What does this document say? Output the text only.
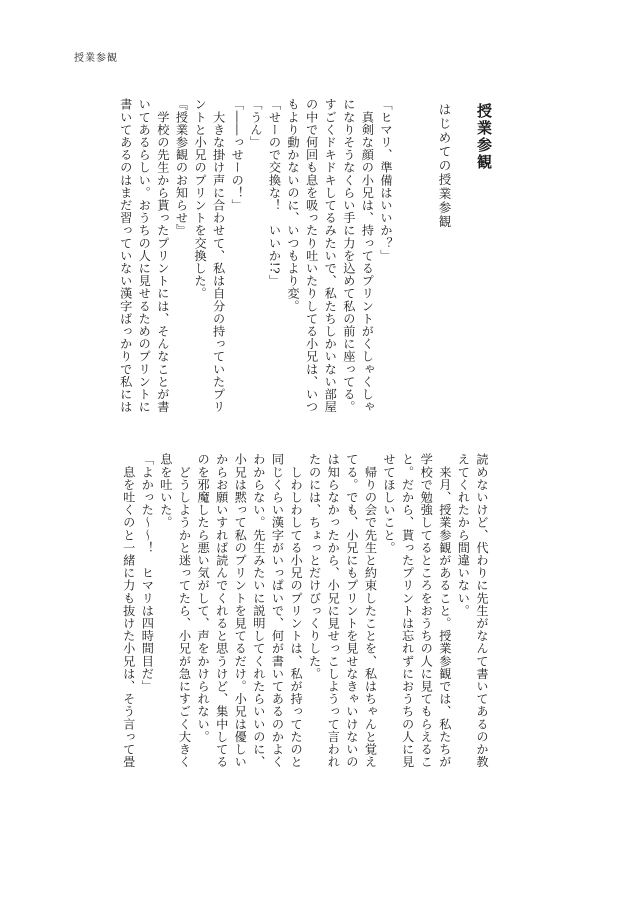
授業参観
授業参観
はじめての授業参観
「ヒマリ、準備はいいか？」
　真剣な顔の小兄は、持ってるプリントがくしゃくしゃ
になりそうなくらい手に力を込めて私の前に座ってる。
すごくドキドキしてるみたいで、私たちしかいない部屋
の中で何回も息を吸ったり吐いたりしてる小兄は、いつ
もより動かないのに、いつもより変。
「せーので交換な！　いいか!?」
「うん」
「――っせーの！」
　大きな掛け声に合わせて、私は自分の持っていたプリ
ントと小兄のプリントを交換した。
『授業参観のお知らせ』
　学校の先生から貰ったプリントには、そんなことが書
いてあるらしい。おうちの人に見せるためのプリントに
書いてあるのはまだ習っていない漢字ばっかりで私には
読めないけど、代わりに先生がなんて書いてあるのか教
えてくれたから間違いない。
　来月、授業参観があること。授業参観では、私たちが
学校で勉強してるところをおうちの人に見てもらえるこ
と。だから、貰ったプリントは忘れずにおうちの人に見
せてほしいこと。
　帰りの会で先生と約束したことを、私はちゃんと覚え
てる。でも、小兄にもプリントを見せなきゃいけないの
は知らなかったから、小兄に見せっこしようって言われ
たのには、ちょっとだけびっくりした。
　しわしわしてる小兄のプリントは、私が持ってたのと
同じくらい漢字がいっぱいで、何が書いてあるのかよく
わからない。先生みたいに説明してくれたらいいのに、
小兄は黙って私のプリントを見てるだけ。小兄は優しい
からお願いすれば読んでくれると思うけど、集中してる
のを邪魔したら悪い気がして、声をかけられない。
　どうしようかと迷ってたら、小兄が急にすごく大きく
息を吐いた。
「よかった〜〜！　ヒマリは四時間目だ」
　息を吐くのと一緒に力も抜けた小兄は、そう言って畳
